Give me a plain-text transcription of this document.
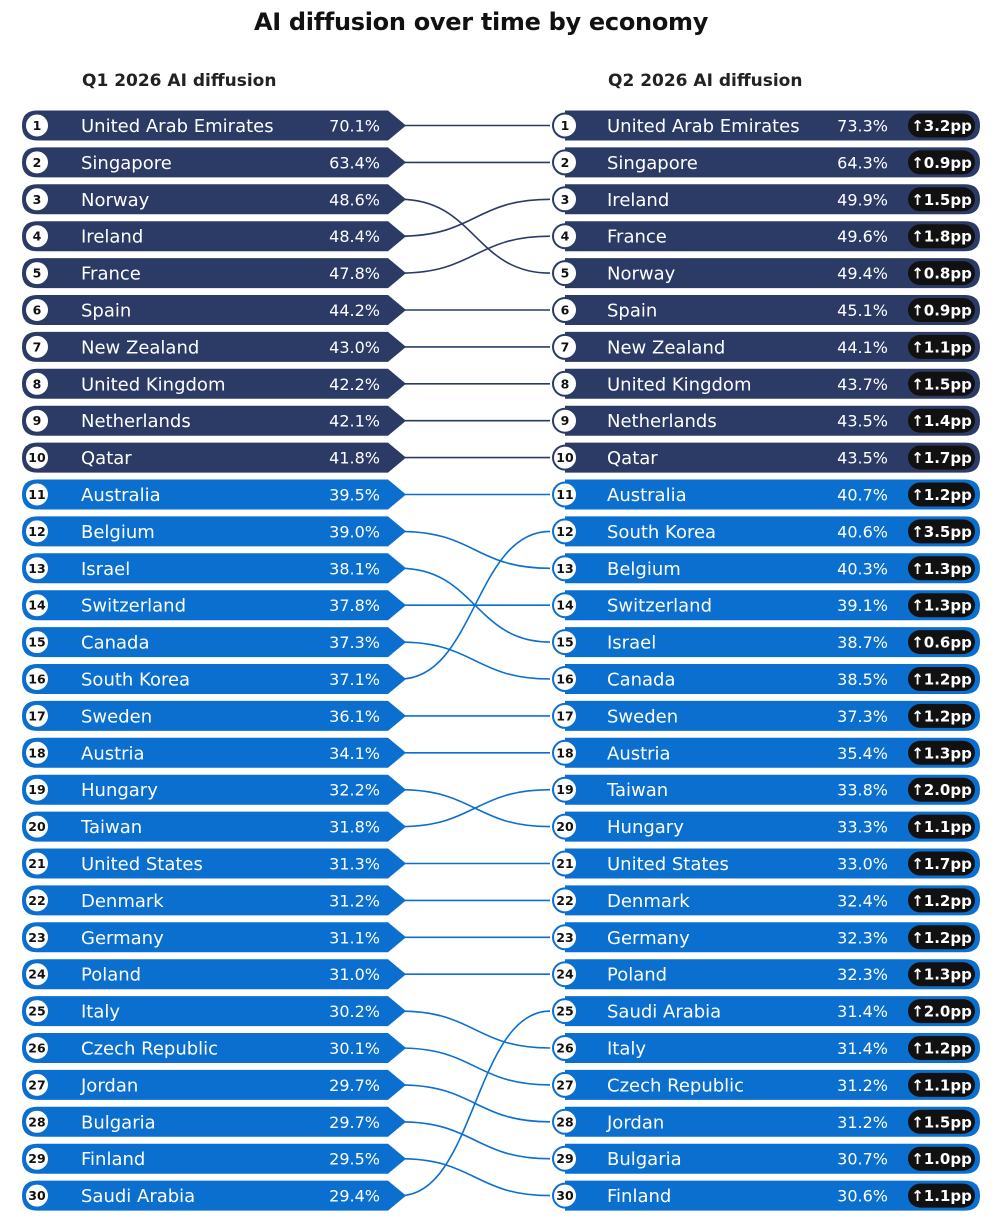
AI diffusion over time by economy
Q1 2026 AI diffusion	Q2 2026 AI diffusion
1 United Arab Emirates	70.1%
2 Singapore	63.4%
3 Norway	48.6%
4 Ireland	48.4%
5 France	47.8%
6 Spain	44.2%
7 New Zealand	43.0%
8 United Kingdom	42.2%
9 Netherlands	42.1%
10 Qatar	41.8%
11 Australia	39.5%
12 Belgium	39.0%
13 Israel	38.1%
14 Switzerland	37.8%
15 Canada	37.3%
16 South Korea	37.1%
17 Sweden	36.1%
18 Austria	34.1%
19 Hungary	32.2%
20 Taiwan	31.8%
21 United States	31.3%
22 Denmark	31.2%
23 Germany	31.1%
24 Poland	31.0%
25 Italy	30.2%
26 Czech Republic	30.1%
27 Jordan	29.7%
28 Bulgaria	29.7%
29 Finland	29.5%
30 Saudi Arabia	29.4%
1 United Arab Emirates 73.3% ↑3.2pp
2 Singapore	64.3% ↑0.9pp
3 Ireland	49.9% ↑1.5pp
4 France	49.6% ↑1.8pp
5 Norway	49.4% ↑0.8pp
6 Spain	45.1% ↑0.9pp
7 New Zealand	44.1% ↑1.1pp
8 United Kingdom	43.7% ↑1.5pp
9 Netherlands	43.5% ↑1.4pp
10 Qatar	43.5% ↑1.7pp
11 Australia	40.7% ↑1.2pp
12 South Korea	40.6% ↑3.5pp
13 Belgium	40.3% ↑1.3pp
14 Switzerland	39.1% ↑1.3pp
15 Israel	38.7% ↑0.6pp
16 Canada	38.5% ↑1.2pp
17 Sweden	37.3% ↑1.2pp
18 Austria	35.4% ↑1.3pp
19 Taiwan	33.8% ↑2.0pp
20 Hungary	33.3% ↑1.1pp
21 United States	33.0% ↑1.7pp
22 Denmark	32.4% ↑1.2pp
23 Germany	32.3% ↑1.2pp
24 Poland	32.3% ↑1.3pp
25 Saudi Arabia	31.4% ↑2.0pp
26 Italy	31.4% ↑1.2pp
27 Czech Republic	31.2% ↑1.1pp
28 Jordan	31.2% ↑1.5pp
29 Bulgaria	30.7% ↑1.0pp
30 Finland	30.6% ↑1.1pp
